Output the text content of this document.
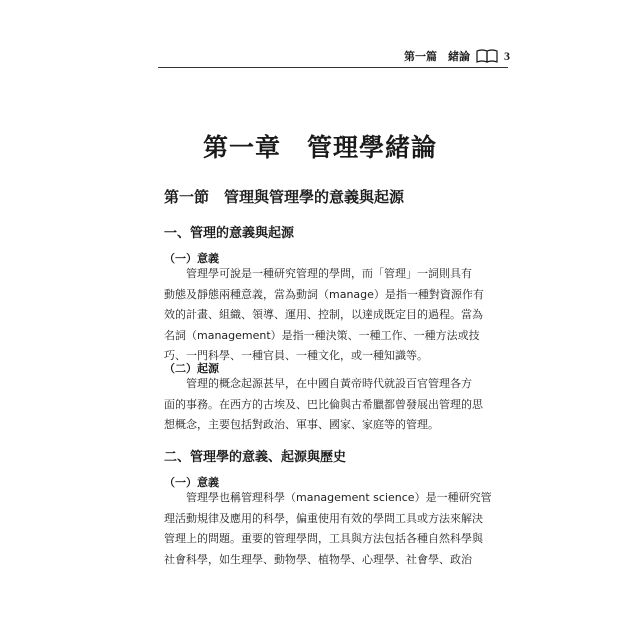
第一篇　緒論	3
第一章　管理學緒論
第一節　管理與管理學的意義與起源
一、管理的意義與起源
（一）意義
管理學可說是一種研究管理的學問，而「管理」一詞則具有
動態及靜態兩種意義，當為動詞（manage）是指一種對資源作有
效的計畫、組織、領導、運用、控制，以達成既定目的過程。當為
名詞（management）是指一種決策、一種工作、一種方法或技
巧、一門科學、一種官員、一種文化，或一種知識等。
（二）起源
管理的概念起源甚早，在中國自黃帝時代就設百官管理各方
面的事務。在西方的古埃及、巴比倫與古希臘都曾發展出管理的思
想概念，主要包括對政治、軍事、國家、家庭等的管理。
二、管理學的意義、起源與歷史
（一）意義
管理學也稱管理科學（management science）是一種研究管
理活動規律及應用的科學，偏重使用有效的學問工具或方法來解決
管理上的問題。重要的管理學問，工具與方法包括各種自然科學與
社會科學，如生理學、動物學、植物學、心理學、社會學、政治
